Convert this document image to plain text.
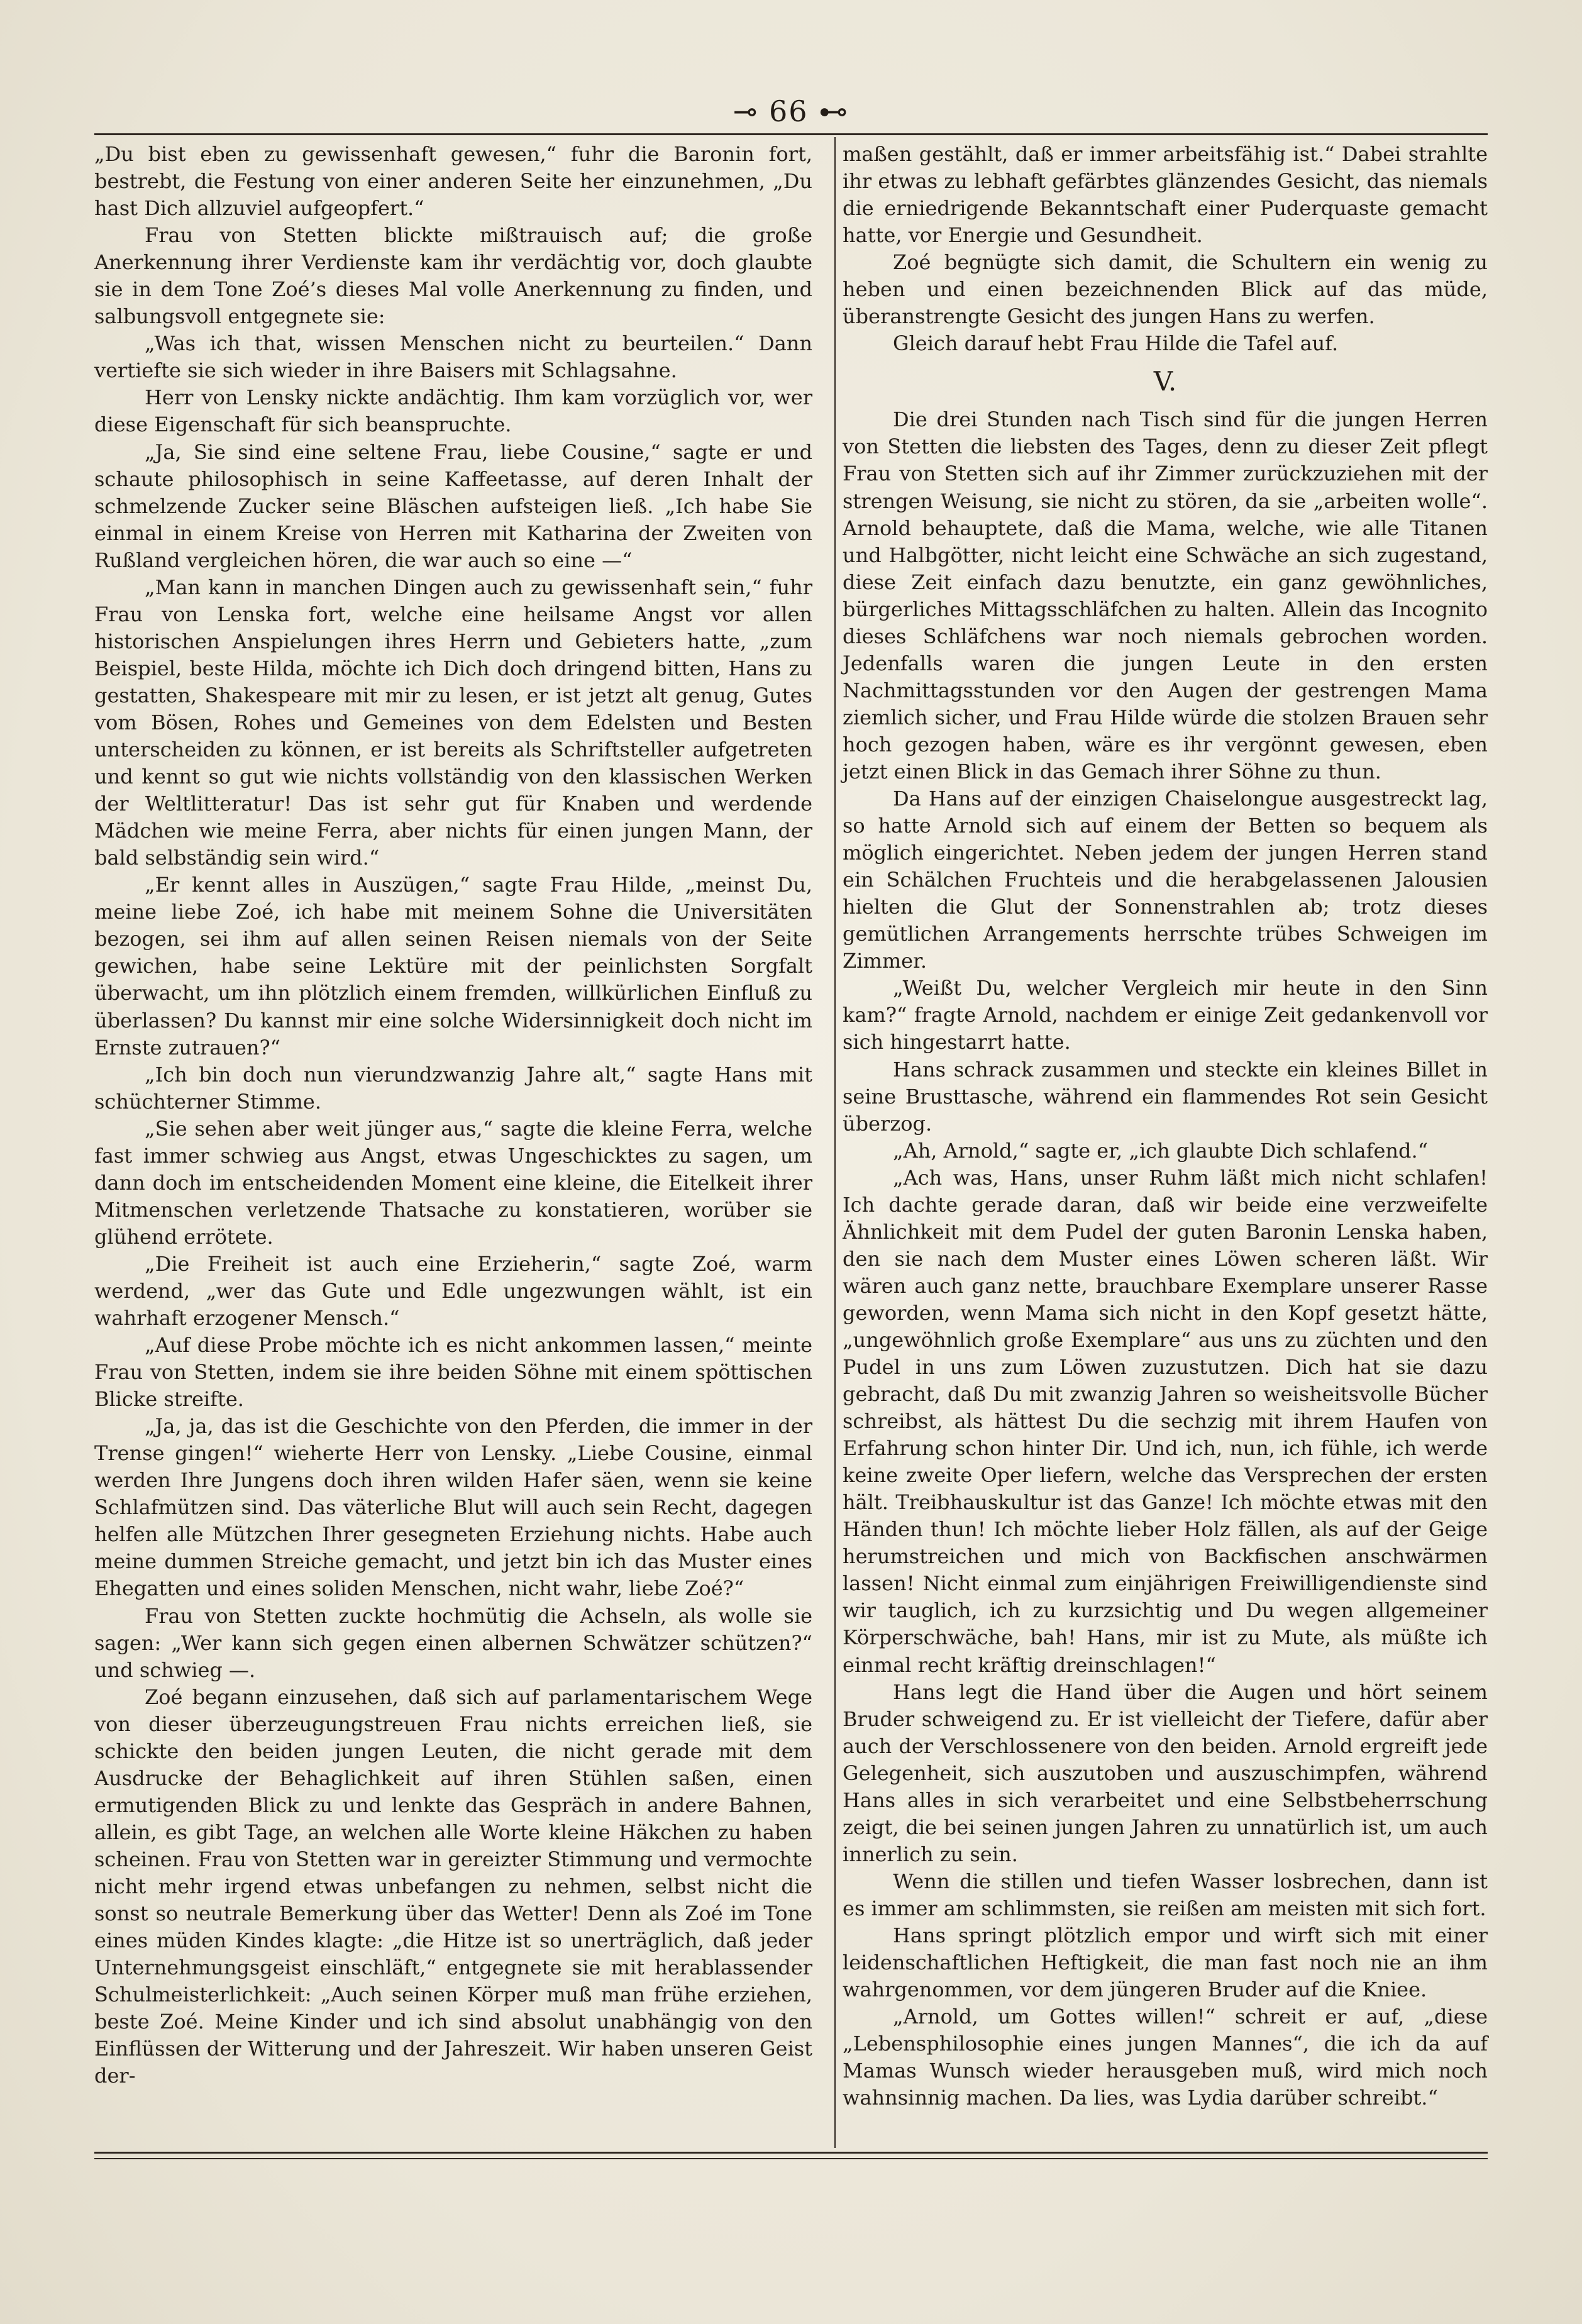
⊸ 66 ⊷

„Du bist eben zu gewissenhaft gewesen,“ fuhr die Baronin fort, bestrebt, die Festung von einer anderen Seite her einzunehmen, „Du hast Dich allzuviel aufgeopfert.“

Frau von Stetten blickte mißtrauisch auf; die große Anerkennung ihrer Verdienste kam ihr verdächtig vor, doch glaubte sie in dem Tone Zoé’s dieses Mal volle Anerkennung zu finden, und salbungsvoll entgegnete sie:

„Was ich that, wissen Menschen nicht zu beurteilen.“ Dann vertiefte sie sich wieder in ihre Baisers mit Schlagsahne.

Herr von Lensky nickte andächtig. Ihm kam vorzüglich vor, wer diese Eigenschaft für sich beanspruchte.

„Ja, Sie sind eine seltene Frau, liebe Cousine,“ sagte er und schaute philosophisch in seine Kaffeetasse, auf deren Inhalt der schmelzende Zucker seine Bläschen aufsteigen ließ. „Ich habe Sie einmal in einem Kreise von Herren mit Katharina der Zweiten von Rußland vergleichen hören, die war auch so eine —“

„Man kann in manchen Dingen auch zu gewissenhaft sein,“ fuhr Frau von Lenska fort, welche eine heilsame Angst vor allen historischen Anspielungen ihres Herrn und Gebieters hatte, „zum Beispiel, beste Hilda, möchte ich Dich doch dringend bitten, Hans zu gestatten, Shakespeare mit mir zu lesen, er ist jetzt alt genug, Gutes vom Bösen, Rohes und Gemeines von dem Edelsten und Besten unterscheiden zu können, er ist bereits als Schriftsteller aufgetreten und kennt so gut wie nichts vollständig von den klassischen Werken der Weltlitteratur! Das ist sehr gut für Knaben und werdende Mädchen wie meine Ferra, aber nichts für einen jungen Mann, der bald selbständig sein wird.“

„Er kennt alles in Auszügen,“ sagte Frau Hilde, „meinst Du, meine liebe Zoé, ich habe mit meinem Sohne die Universitäten bezogen, sei ihm auf allen seinen Reisen niemals von der Seite gewichen, habe seine Lektüre mit der peinlichsten Sorgfalt überwacht, um ihn plötzlich einem fremden, willkürlichen Einfluß zu überlassen? Du kannst mir eine solche Widersinnigkeit doch nicht im Ernste zutrauen?“

„Ich bin doch nun vierundzwanzig Jahre alt,“ sagte Hans mit schüchterner Stimme.

„Sie sehen aber weit jünger aus,“ sagte die kleine Ferra, welche fast immer schwieg aus Angst, etwas Ungeschicktes zu sagen, um dann doch im entscheidenden Moment eine kleine, die Eitelkeit ihrer Mitmenschen verletzende Thatsache zu konstatieren, worüber sie glühend errötete.

„Die Freiheit ist auch eine Erzieherin,“ sagte Zoé, warm werdend, „wer das Gute und Edle ungezwungen wählt, ist ein wahrhaft erzogener Mensch.“

„Auf diese Probe möchte ich es nicht ankommen lassen,“ meinte Frau von Stetten, indem sie ihre beiden Söhne mit einem spöttischen Blicke streifte.

„Ja, ja, das ist die Geschichte von den Pferden, die immer in der Trense gingen!“ wieherte Herr von Lensky. „Liebe Cousine, einmal werden Ihre Jungens doch ihren wilden Hafer säen, wenn sie keine Schlafmützen sind. Das väterliche Blut will auch sein Recht, dagegen helfen alle Mützchen Ihrer gesegneten Erziehung nichts. Habe auch meine dummen Streiche gemacht, und jetzt bin ich das Muster eines Ehegatten und eines soliden Menschen, nicht wahr, liebe Zoé?“

Frau von Stetten zuckte hochmütig die Achseln, als wolle sie sagen: „Wer kann sich gegen einen albernen Schwätzer schützen?“ und schwieg —.

Zoé begann einzusehen, daß sich auf parlamentarischem Wege von dieser überzeugungstreuen Frau nichts erreichen ließ, sie schickte den beiden jungen Leuten, die nicht gerade mit dem Ausdrucke der Behaglichkeit auf ihren Stühlen saßen, einen ermutigenden Blick zu und lenkte das Gespräch in andere Bahnen, allein, es gibt Tage, an welchen alle Worte kleine Häkchen zu haben scheinen. Frau von Stetten war in gereizter Stimmung und vermochte nicht mehr irgend etwas unbefangen zu nehmen, selbst nicht die sonst so neutrale Bemerkung über das Wetter! Denn als Zoé im Tone eines müden Kindes klagte: „die Hitze ist so unerträglich, daß jeder Unternehmungsgeist einschläft,“ entgegnete sie mit herablassender Schulmeisterlichkeit: „Auch seinen Körper muß man frühe erziehen, beste Zoé. Meine Kinder und ich sind absolut unabhängig von den Einflüssen der Witterung und der Jahreszeit. Wir haben unseren Geist der-

maßen gestählt, daß er immer arbeitsfähig ist.“ Dabei strahlte ihr etwas zu lebhaft gefärbtes glänzendes Gesicht, das niemals die erniedrigende Bekanntschaft einer Puderquaste gemacht hatte, vor Energie und Gesundheit.

Zoé begnügte sich damit, die Schultern ein wenig zu heben und einen bezeichnenden Blick auf das müde, überanstrengte Gesicht des jungen Hans zu werfen.

Gleich darauf hebt Frau Hilde die Tafel auf.

V.

Die drei Stunden nach Tisch sind für die jungen Herren von Stetten die liebsten des Tages, denn zu dieser Zeit pflegt Frau von Stetten sich auf ihr Zimmer zurückzuziehen mit der strengen Weisung, sie nicht zu stören, da sie „arbeiten wolle“. Arnold behauptete, daß die Mama, welche, wie alle Titanen und Halbgötter, nicht leicht eine Schwäche an sich zugestand, diese Zeit einfach dazu benutzte, ein ganz gewöhnliches, bürgerliches Mittagsschläfchen zu halten. Allein das Incognito dieses Schläfchens war noch niemals gebrochen worden. Jedenfalls waren die jungen Leute in den ersten Nachmittagsstunden vor den Augen der gestrengen Mama ziemlich sicher, und Frau Hilde würde die stolzen Brauen sehr hoch gezogen haben, wäre es ihr vergönnt gewesen, eben jetzt einen Blick in das Gemach ihrer Söhne zu thun.

Da Hans auf der einzigen Chaiselongue ausgestreckt lag, so hatte Arnold sich auf einem der Betten so bequem als möglich eingerichtet. Neben jedem der jungen Herren stand ein Schälchen Fruchteis und die herabgelassenen Jalousien hielten die Glut der Sonnenstrahlen ab; trotz dieses gemütlichen Arrangements herrschte trübes Schweigen im Zimmer.

„Weißt Du, welcher Vergleich mir heute in den Sinn kam?“ fragte Arnold, nachdem er einige Zeit gedankenvoll vor sich hingestarrt hatte.

Hans schrack zusammen und steckte ein kleines Billet in seine Brusttasche, während ein flammendes Rot sein Gesicht überzog.

„Ah, Arnold,“ sagte er, „ich glaubte Dich schlafend.“

„Ach was, Hans, unser Ruhm läßt mich nicht schlafen! Ich dachte gerade daran, daß wir beide eine verzweifelte Ähnlichkeit mit dem Pudel der guten Baronin Lenska haben, den sie nach dem Muster eines Löwen scheren läßt. Wir wären auch ganz nette, brauchbare Exemplare unserer Rasse geworden, wenn Mama sich nicht in den Kopf gesetzt hätte, „ungewöhnlich große Exemplare“ aus uns zu züchten und den Pudel in uns zum Löwen zuzustutzen. Dich hat sie dazu gebracht, daß Du mit zwanzig Jahren so weisheitsvolle Bücher schreibst, als hättest Du die sechzig mit ihrem Haufen von Erfahrung schon hinter Dir. Und ich, nun, ich fühle, ich werde keine zweite Oper liefern, welche das Versprechen der ersten hält. Treibhauskultur ist das Ganze! Ich möchte etwas mit den Händen thun! Ich möchte lieber Holz fällen, als auf der Geige herumstreichen und mich von Backfischen anschwärmen lassen! Nicht einmal zum einjährigen Freiwilligendienste sind wir tauglich, ich zu kurzsichtig und Du wegen allgemeiner Körperschwäche, bah! Hans, mir ist zu Mute, als müßte ich einmal recht kräftig dreinschlagen!“

Hans legt die Hand über die Augen und hört seinem Bruder schweigend zu. Er ist vielleicht der Tiefere, dafür aber auch der Verschlossenere von den beiden. Arnold ergreift jede Gelegenheit, sich auszutoben und auszuschimpfen, während Hans alles in sich verarbeitet und eine Selbstbeherrschung zeigt, die bei seinen jungen Jahren zu unnatürlich ist, um auch innerlich zu sein.

Wenn die stillen und tiefen Wasser losbrechen, dann ist es immer am schlimmsten, sie reißen am meisten mit sich fort.

Hans springt plötzlich empor und wirft sich mit einer leidenschaftlichen Heftigkeit, die man fast noch nie an ihm wahrgenommen, vor dem jüngeren Bruder auf die Kniee.

„Arnold, um Gottes willen!“ schreit er auf, „diese „Lebensphilosophie eines jungen Mannes“, die ich da auf Mamas Wunsch wieder herausgeben muß, wird mich noch wahnsinnig machen. Da lies, was Lydia darüber schreibt.“
